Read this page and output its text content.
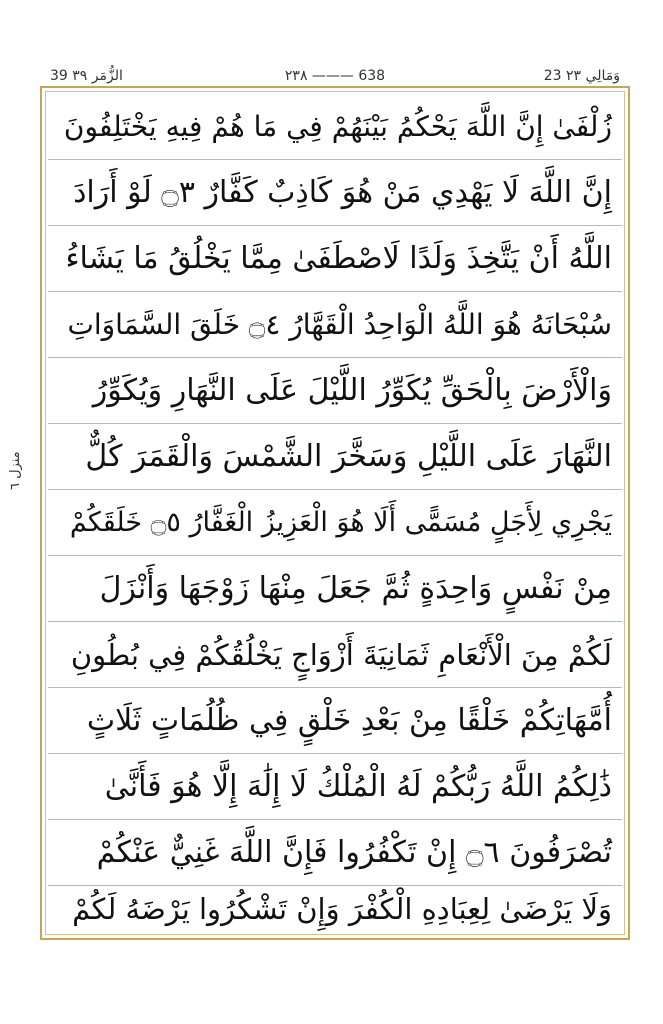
23 وَمَالِي ٢٣
٢٣٨ ——— 638
39 الزُّمَر ٣٩
منزل ٦
زُلْفَىٰ إِنَّ اللَّهَ يَحْكُمُ بَيْنَهُمْ فِي مَا هُمْ فِيهِ يَخْتَلِفُونَ
إِنَّ اللَّهَ لَا يَهْدِي مَنْ هُوَ كَاذِبٌ كَفَّارٌ ۝٣ لَوْ أَرَادَ
اللَّهُ أَنْ يَتَّخِذَ وَلَدًا لَاصْطَفَىٰ مِمَّا يَخْلُقُ مَا يَشَاءُ
سُبْحَانَهُ هُوَ اللَّهُ الْوَاحِدُ الْقَهَّارُ ۝٤ خَلَقَ السَّمَاوَاتِ
وَالْأَرْضَ بِالْحَقِّ يُكَوِّرُ اللَّيْلَ عَلَى النَّهَارِ وَيُكَوِّرُ
النَّهَارَ عَلَى اللَّيْلِ وَسَخَّرَ الشَّمْسَ وَالْقَمَرَ كُلٌّ
يَجْرِي لِأَجَلٍ مُسَمًّى أَلَا هُوَ الْعَزِيزُ الْغَفَّارُ ۝٥ خَلَقَكُمْ
مِنْ نَفْسٍ وَاحِدَةٍ ثُمَّ جَعَلَ مِنْهَا زَوْجَهَا وَأَنْزَلَ
لَكُمْ مِنَ الْأَنْعَامِ ثَمَانِيَةَ أَزْوَاجٍ يَخْلُقُكُمْ فِي بُطُونِ
أُمَّهَاتِكُمْ خَلْقًا مِنْ بَعْدِ خَلْقٍ فِي ظُلُمَاتٍ ثَلَاثٍ
ذَٰلِكُمُ اللَّهُ رَبُّكُمْ لَهُ الْمُلْكُ لَا إِلَٰهَ إِلَّا هُوَ فَأَنَّىٰ
تُصْرَفُونَ ۝٦ إِنْ تَكْفُرُوا فَإِنَّ اللَّهَ غَنِيٌّ عَنْكُمْ
وَلَا يَرْضَىٰ لِعِبَادِهِ الْكُفْرَ وَإِنْ تَشْكُرُوا يَرْضَهُ لَكُمْ
